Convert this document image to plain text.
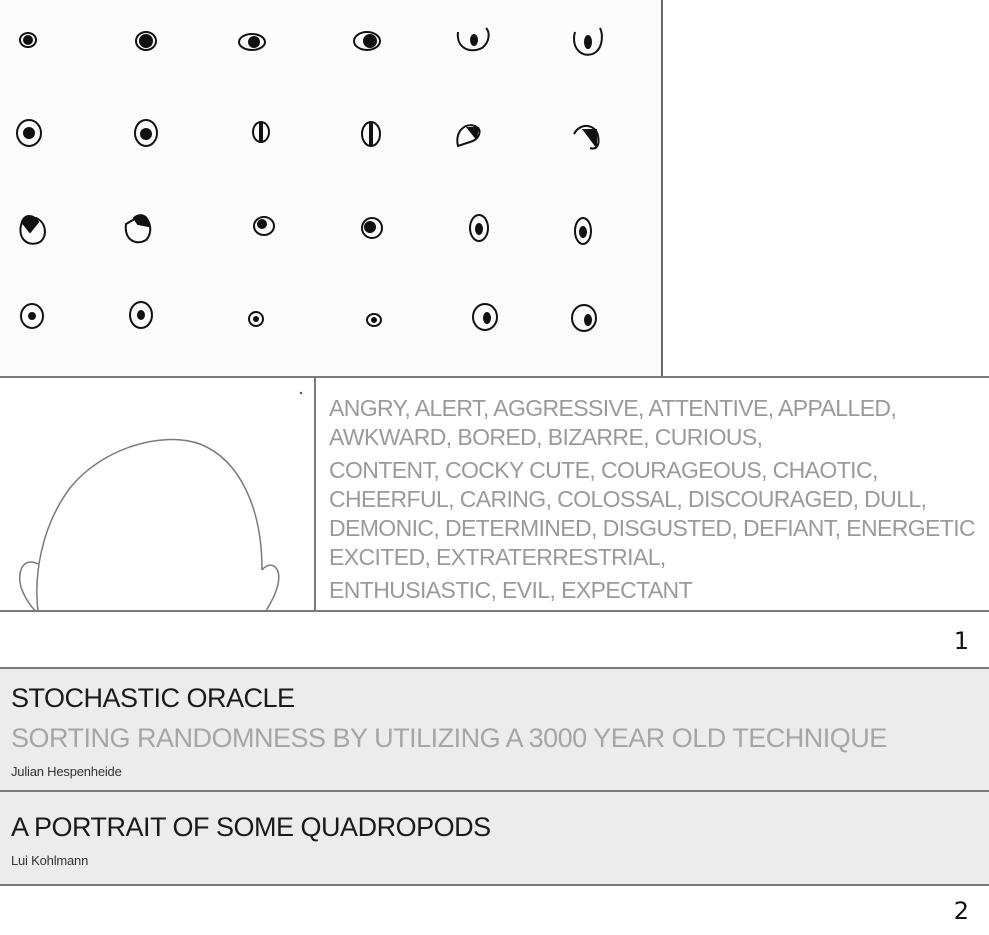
ANGRY, ALERT, AGGRESSIVE, ATTENTIVE, APPALLED,
AWKWARD, BORED, BIZARRE, CURIOUS,
CONTENT, COCKY CUTE, COURAGEOUS, CHAOTIC,
CHEERFUL, CARING, COLOSSAL, DISCOURAGED, DULL,
DEMONIC, DETERMINED, DISGUSTED, DEFIANT, ENERGETIC
EXCITED, EXTRATERRESTRIAL,
ENTHUSIASTIC, EVIL, EXPECTANT
1
STOCHASTIC ORACLE
SORTING RANDOMNESS BY UTILIZING A 3000 YEAR OLD TECHNIQUE
Julian Hespenheide
A PORTRAIT OF SOME QUADROPODS
Lui Kohlmann
2
